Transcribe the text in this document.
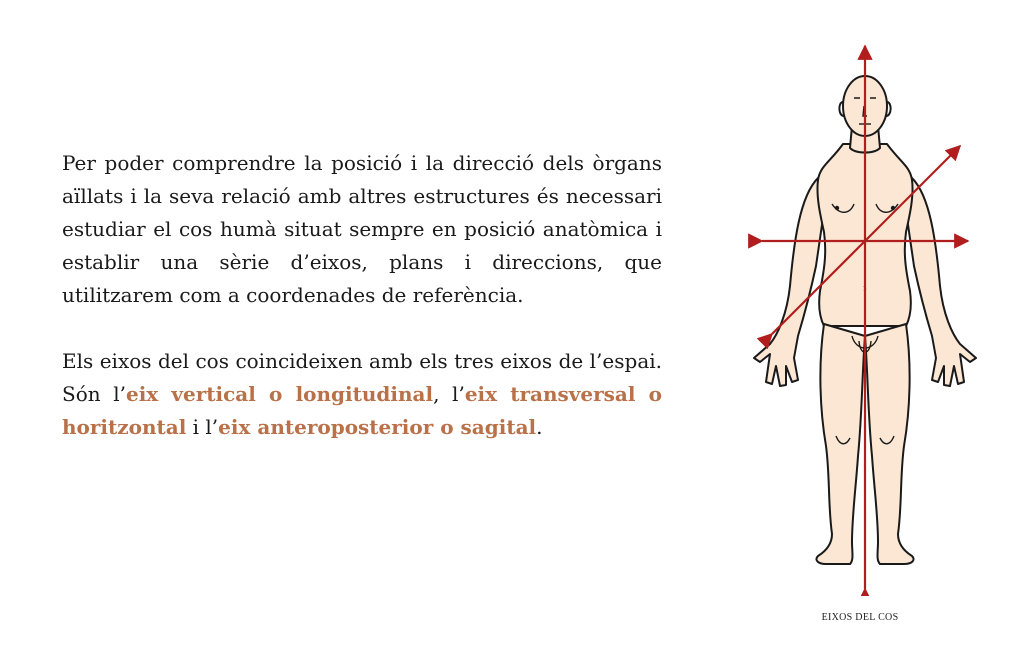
Per poder comprendre la posició i la direcció dels òrgans aïllats i la seva relació amb altres estructures és necessari estudiar el cos humà situat sempre en posició anatòmica i establir una sèrie d’eixos, plans i direccions, que utilitzarem com a coordenades de referència.

Els eixos del cos coincideixen amb els tres eixos de l’espai. Són l’eix vertical o longitudinal, l’eix transversal o horitzontal i l’eix anteroposterior o sagital.

EIXOS DEL COS
